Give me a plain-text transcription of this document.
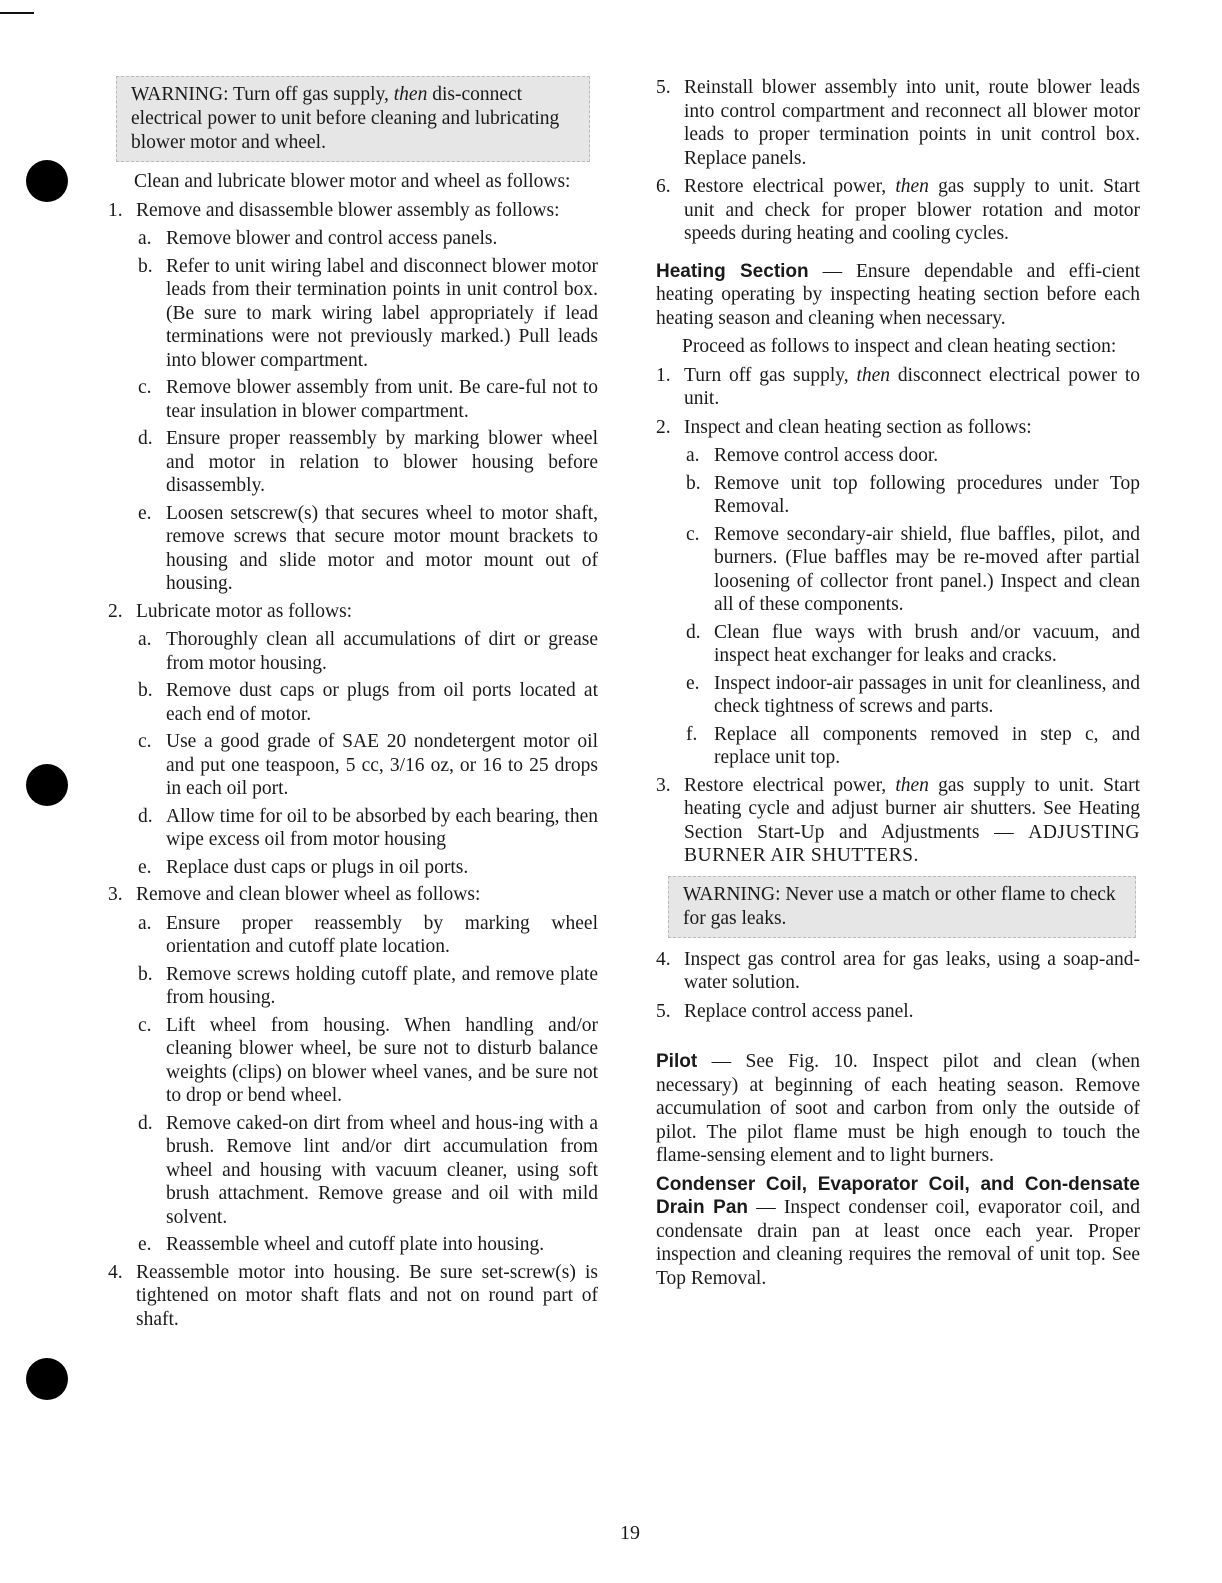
WARNING: Turn off gas supply, then dis-connect electrical power to unit before cleaning and lubricating blower motor and wheel.

Clean and lubricate blower motor and wheel as follows:

1. Remove and disassemble blower assembly as follows:
a. Remove blower and control access panels.
b. Refer to unit wiring label and disconnect blower motor leads from their termination points in unit control box. (Be sure to mark wiring label appropriately if lead terminations were not previously marked.) Pull leads into blower compartment.
c. Remove blower assembly from unit. Be care-ful not to tear insulation in blower compartment.
d. Ensure proper reassembly by marking blower wheel and motor in relation to blower housing before disassembly.
e. Loosen setscrew(s) that secures wheel to motor shaft, remove screws that secure motor mount brackets to housing and slide motor and motor mount out of housing.
2. Lubricate motor as follows:
a. Thoroughly clean all accumulations of dirt or grease from motor housing.
b. Remove dust caps or plugs from oil ports located at each end of motor.
c. Use a good grade of SAE 20 nondetergent motor oil and put one teaspoon, 5 cc, 3/16 oz, or 16 to 25 drops in each oil port.
d. Allow time for oil to be absorbed by each bearing, then wipe excess oil from motor housing
e. Replace dust caps or plugs in oil ports.
3. Remove and clean blower wheel as follows:
a. Ensure proper reassembly by marking wheel orientation and cutoff plate location.
b. Remove screws holding cutoff plate, and remove plate from housing.
c. Lift wheel from housing. When handling and/or cleaning blower wheel, be sure not to disturb balance weights (clips) on blower wheel vanes, and be sure not to drop or bend wheel.
d. Remove caked-on dirt from wheel and hous-ing with a brush. Remove lint and/or dirt accumulation from wheel and housing with vacuum cleaner, using soft brush attachment. Remove grease and oil with mild solvent.
e. Reassemble wheel and cutoff plate into housing.
4. Reassemble motor into housing. Be sure set-screw(s) is tightened on motor shaft flats and not on round part of shaft.
5. Reinstall blower assembly into unit, route blower leads into control compartment and reconnect all blower motor leads to proper termination points in unit control box. Replace panels.
6. Restore electrical power, then gas supply to unit. Start unit and check for proper blower rotation and motor speeds during heating and cooling cycles.

Heating Section — Ensure dependable and effi-cient heating operating by inspecting heating section before each heating season and cleaning when necessary.

Proceed as follows to inspect and clean heating section:

1. Turn off gas supply, then disconnect electrical power to unit.
2. Inspect and clean heating section as follows:
a. Remove control access door.
b. Remove unit top following procedures under Top Removal.
c. Remove secondary-air shield, flue baffles, pilot, and burners. (Flue baffles may be re-moved after partial loosening of collector front panel.) Inspect and clean all of these components.
d. Clean flue ways with brush and/or vacuum, and inspect heat exchanger for leaks and cracks.
e. Inspect indoor-air passages in unit for cleanliness, and check tightness of screws and parts.
f. Replace all components removed in step c, and replace unit top.
3. Restore electrical power, then gas supply to unit. Start heating cycle and adjust burner air shutters. See Heating Section Start-Up and Adjustments — ADJUSTING BURNER AIR SHUTTERS.
WARNING: Never use a match or other flame to check for gas leaks.
4. Inspect gas control area for gas leaks, using a soap-and-water solution.
5. Replace control access panel.

Pilot — See Fig. 10. Inspect pilot and clean (when necessary) at beginning of each heating season. Remove accumulation of soot and carbon from only the outside of pilot. The pilot flame must be high enough to touch the flame-sensing element and to light burners.

Condenser Coil, Evaporator Coil, and Con-densate Drain Pan — Inspect condenser coil, evaporator coil, and condensate drain pan at least once each year. Proper inspection and cleaning requires the removal of unit top. See Top Removal.

19
